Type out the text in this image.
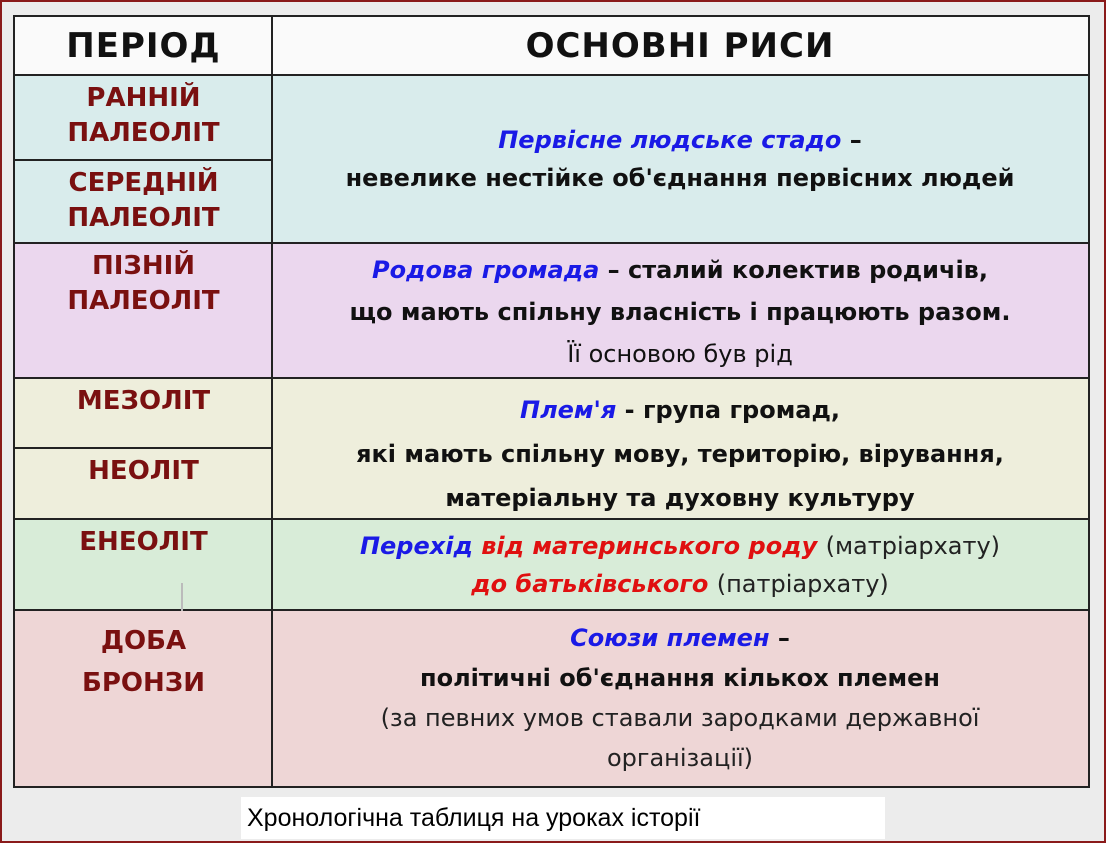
ПЕРІОД	ОСНОВНІ РИСИ
РАННІЙ ПАЛЕОЛІТ
СЕРЕДНІЙ ПАЛЕОЛІТ
Первісне людське стадо –
невелике нестійке об'єднання первісних людей
ПІЗНІЙ ПАЛЕОЛІТ
Родова громада – сталий колектив родичів,
що мають спільну власність і працюють разом.
Її основою був рід
МЕЗОЛІТ
НЕОЛІТ
Плем'я - група громад,
які мають спільну мову, територію, вірування,
матеріальну та духовну культуру
ЕНЕОЛІТ	Перехід від материнського роду (матріархату)
до батьківського (патріархату)
ДОБА БРОНЗИ
Союзи племен –
політичні об'єднання кількох племен
(за певних умов ставали зародками державної організації)
Хронологічна таблиця на уроках історії
